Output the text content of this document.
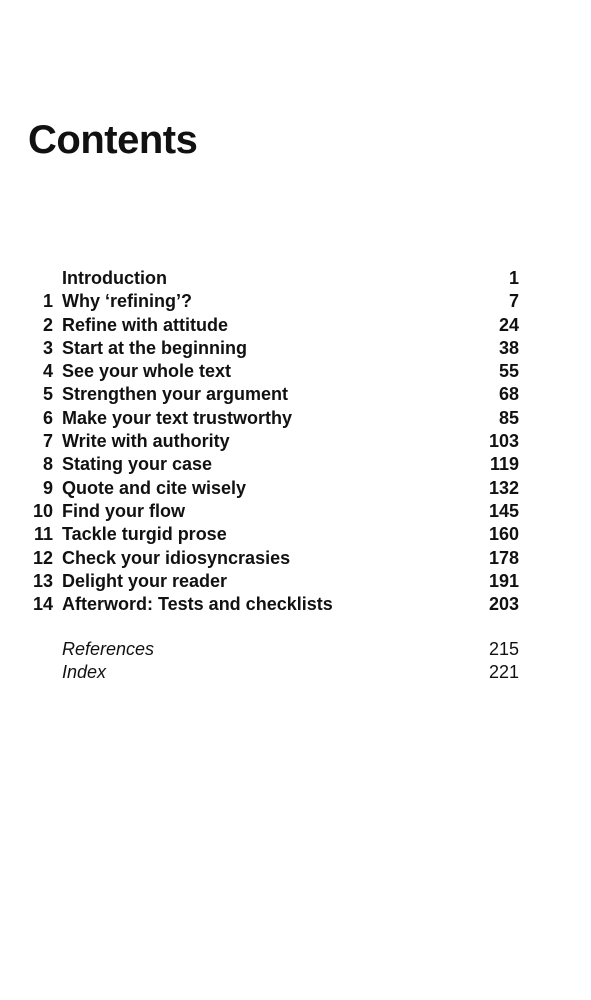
Contents
Introduction	1
1 Why ‘refining’?	7
2 Refine with attitude	24
3 Start at the beginning	38
4 See your whole text	55
5 Strengthen your argument	68
6 Make your text trustworthy	85
7 Write with authority	103
8 Stating your case	119
9 Quote and cite wisely	132
10 Find your flow	145
11 Tackle turgid prose	160
12 Check your idiosyncrasies	178
13 Delight your reader	191
14 Afterword: Tests and checklists	203
References	215
Index	221
